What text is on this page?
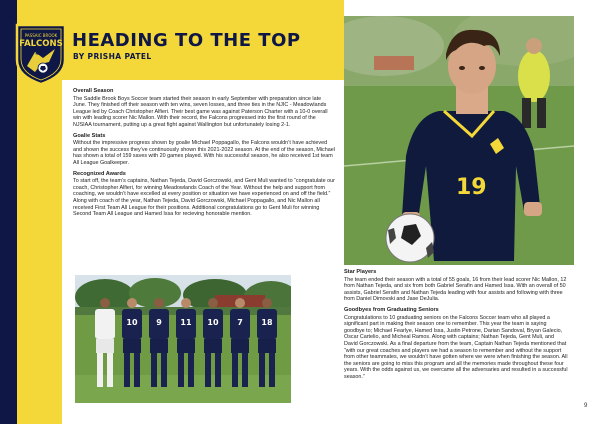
PASSAIC BROOK
FALCONS HEADING TO THE TOP
BY PRISHA PATEL
Overall Season
The Saddle Brook Boys Soccer team started their season in early September with preparation since late June. They finished off their season with ten wins, seven losses, and three ties in the NJIC - Meadowlands League led by Coach Christopher Alfieri. Their best game was against Paterson Charter with a 10-0 overall win with leading scorer Nic Mallon. With their record, the Falcons progressed into the first round of the NJSIAA tournament, putting up a great fight against Wallington but unfortunately losing 2-1.
Goalie Stats
Without the impressive progress shown by goalie Michael Poppagallo, the Falcons wouldn’t have achieved and shown the success they’ve continuously shown this 2021-2022 season. At the end of the season, Michael has shown a total of 159 saves with 20 games played. With his successful season, he also received 1st team All League Goalkeeper.
Recognized Awards
To start off, the team’s captains, Nathan Tejeda, David Gorczowski, and Gent Muli wanted to “congratulate our coach, Christopher Alfieri, for winning Meadowlands Coach of the Year. Without the help and support from coaching, we wouldn’t have excelled at every position or situation we have experienced on and off the field.” Along with coach of the year, Nathan Tejeda, David Gorczowski, Michael Poppagallo, and Nic Mallon all received First Team All League for their positions. Additional congratulations go to Gent Muli for winning Second Team All League and Hamed Issa for recieving honorable mention.
10 9 11 10 7 18
19
Star Players
The team ended their season with a total of 55 goals, 16 from their lead scorer Nic Mallon, 12 from Nathan Tejeda, and six from both Gabriel Serafin and Hamed Issa. With an overall of 50 assists, Gabriel Serafin and Nathan Tejeda leading with four assists and following with three from Daniel Dimovski and Jase DeJulia.
Goodbyes from Graduating Seniors
Congratulations to 10 graduating seniors on the Falcons Soccer team who all played a significant part in making their season one to remember. This year the team is saying goodbye to; Michael Fearlye, Hamed Issa, Justin Petrone, Darian Sandoval, Bryan Galecio, Oscar Cartelio, and Micheal Ramos. Along with captains; Nathan Tejeda, Gent Muli, and David Gorczowski. As a final departure from the team, Captain Nathan Tejeda mentioned that “with our great coaches and players we had a season to remember and without the support from other teammates, we wouldn’t have gotten where we were when finishing the season. All the seniors are going to miss this program and all the memories made throughout these four years. With the odds against us, we overcame all the adversaries and resulted in a successful season.”
9
